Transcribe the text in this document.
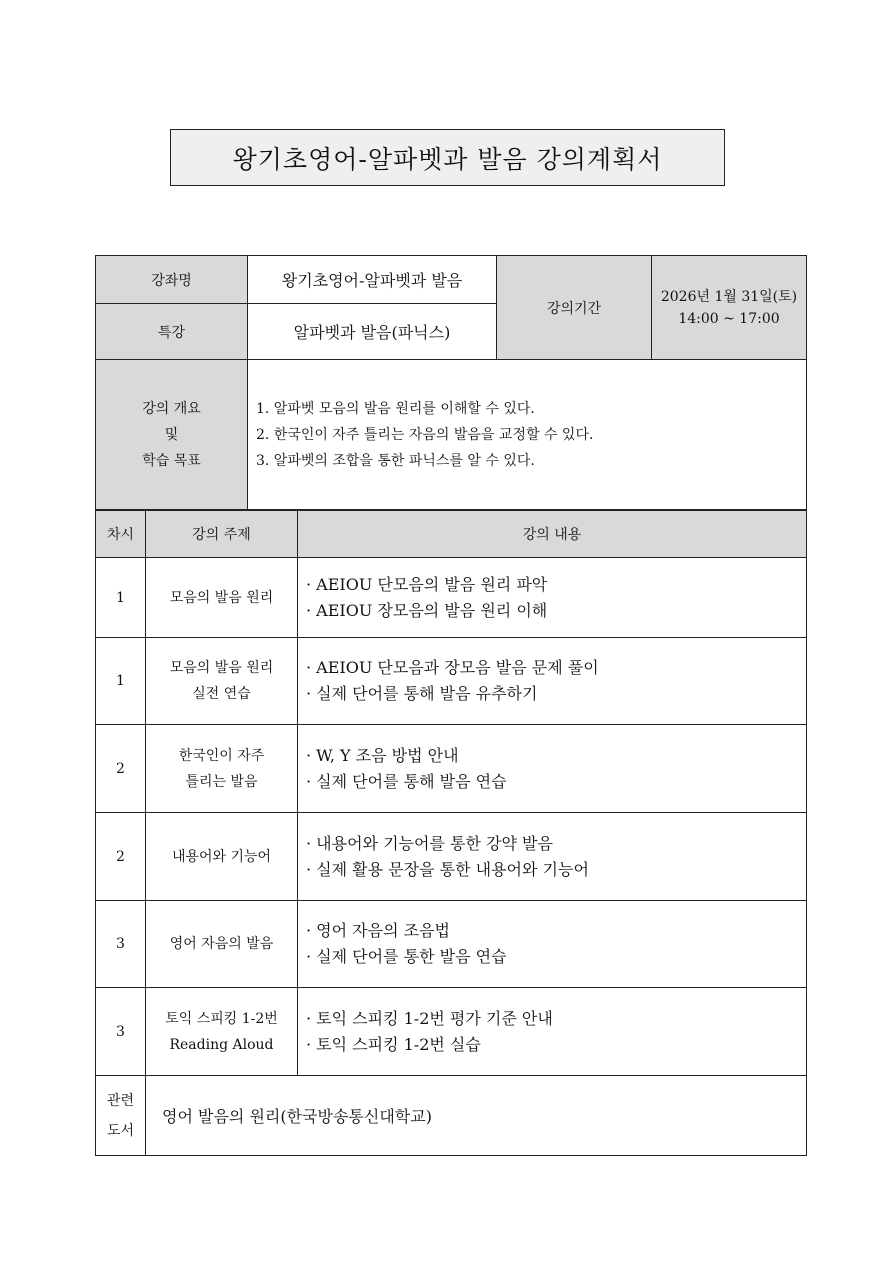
왕기초영어-알파벳과 발음 강의계획서
강좌명	왕기초영어-알파벳과 발음	강의기간	2026년 1월 31일(토)
14:00 ~ 17:00

특강	알파벳과 발음(파닉스)		

강의 개요
및
학습 목표	1. 알파벳 모음의 발음 원리를 이해할 수 있다.
2. 한국인이 자주 틀리는 자음의 발음을 교정할 수 있다.
3. 알파벳의 조합을 통한 파닉스를 알 수 있다.		
차시	강의 주제	강의 내용
1	모음의 발음 원리	· AEIOU 단모음의 발음 원리 파악
· AEIOU 장모음의 발음 원리 이해

1	모음의 발음 원리
실전 연습	· AEIOU 단모음과 장모음 발음 문제 풀이
· 실제 단어를 통해 발음 유추하기

2	한국인이 자주
틀리는 발음	· W, Y 조음 방법 안내
· 실제 단어를 통해 발음 연습

2	내용어와 기능어	· 내용어와 기능어를 통한 강약 발음
· 실제 활용 문장을 통한 내용어와 기능어

3	영어 자음의 발음	· 영어 자음의 조음법
· 실제 단어를 통한 발음 연습

3	토익 스피킹 1-2번
Reading Aloud	· 토익 스피킹 1-2번 평가 기준 안내
· 토익 스피킹 1-2번 실습

관련
도서	영어 발음의 원리(한국방송통신대학교)	
